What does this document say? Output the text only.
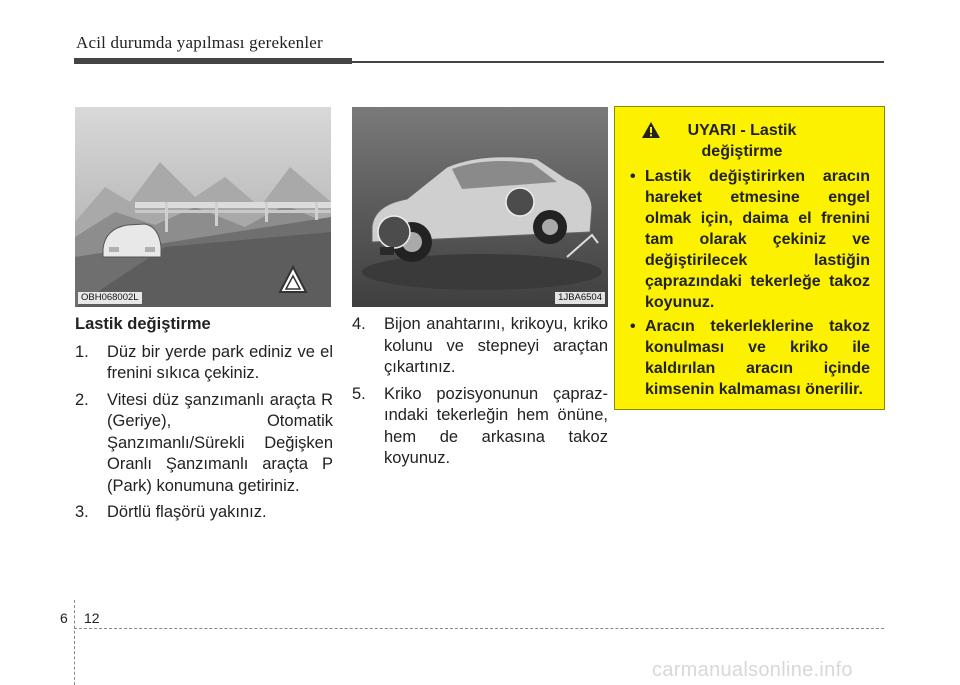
Acil durumda yapılması gerekenler
OBH068002L	1JBA6504
Lastik değiştirme
1. Düz bir yerde park ediniz ve el frenini sıkıca çekiniz.
2. Vitesi düz şanzımanlı araçta R (Geriye), Otomatik Şanzımanlı/Sürekli Değişken Oranlı Şanzımanlı araçta P (Park) konumuna getiriniz.
3. Dörtlü flaşörü yakınız.
4. Bijon anahtarını, krikoyu, kriko kolunu ve stepneyi araçtan çıkartınız.
5. Kriko pozisyonunun çaprazındaki tekerleğin hem önüne, hem de arkasına takoz koyunuz.
UYARI - Lastik
değiştirme
• Lastik değiştirirken aracın hareket etmesine engel olmak için, daima el frenini tam olarak çekiniz ve değiştirilecek lastiğin çaprazındaki tekerleğe takoz koyunuz.
• Aracın tekerleklerine takoz konulması ve kriko ile kaldırılan aracın içinde kimsenin kalmaması önerilir.
6 12
carmanualsonline.info
